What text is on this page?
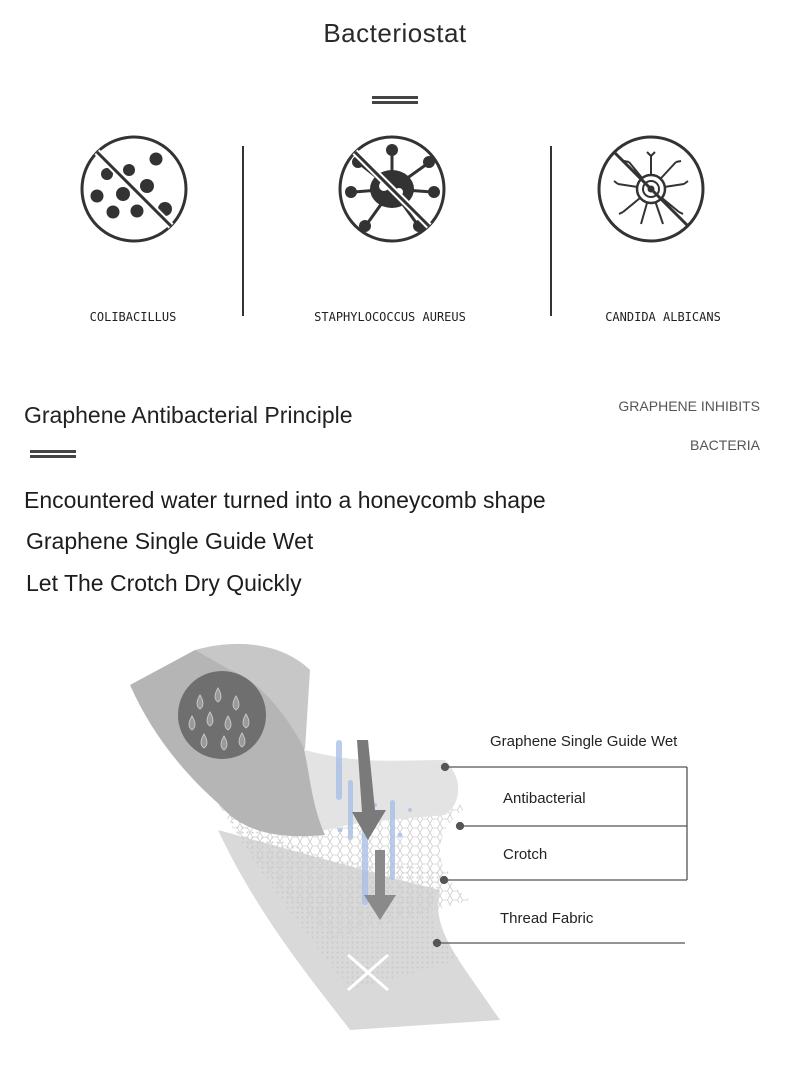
Bacteriostat
COLIBACILLUS	STAPHYLOCOCCUS AUREUS	CANDIDA ALBICANS
Graphene Antibacterial Principle	GRAPHENE INHIBITS
BACTERIA
Encountered water turned into a honeycomb shape
Graphene Single Guide Wet
Let The Crotch Dry Quickly
Graphene Single Guide Wet
Antibacterial
Crotch
Thread Fabric
